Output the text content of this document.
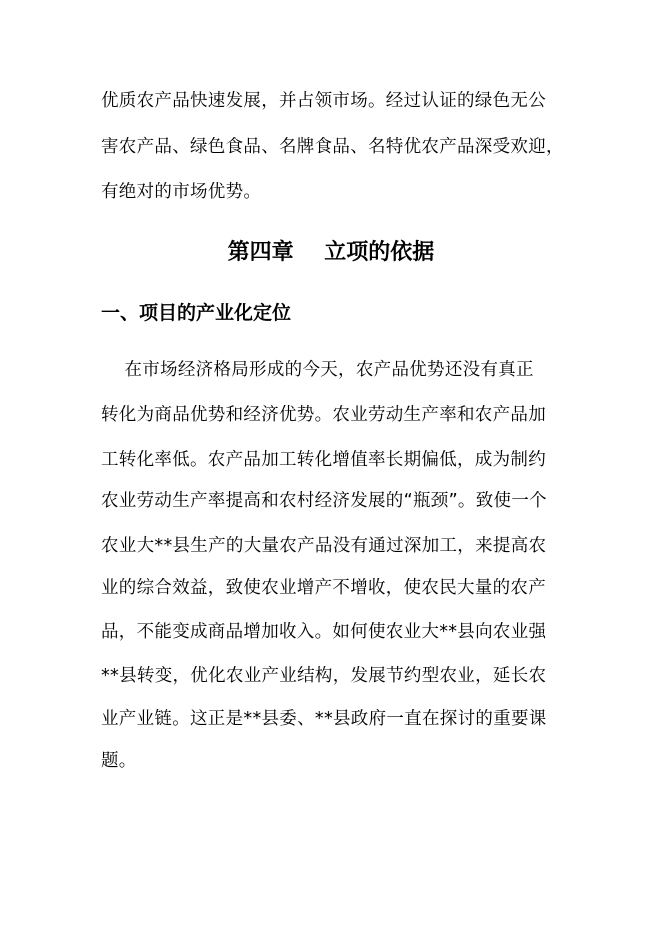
优质农产品快速发展，并占领市场。经过认证的绿色无公
害农产品、绿色食品、名牌食品、名特优农产品深受欢迎，
有绝对的市场优势。
第四章    立项的依据
一、项目的产业化定位
在市场经济格局形成的今天，农产品优势还没有真正
转化为商品优势和经济优势。农业劳动生产率和农产品加
工转化率低。农产品加工转化增值率长期偏低，成为制约
农业劳动生产率提高和农村经济发展的“瓶颈”。致使一个
农业大**县生产的大量农产品没有通过深加工，来提高农
业的综合效益，致使农业增产不增收，使农民大量的农产
品，不能变成商品增加收入。如何使农业大**县向农业强
**县转变，优化农业产业结构，发展节约型农业，延长农
业产业链。这正是**县委、**县政府一直在探讨的重要课
题。
